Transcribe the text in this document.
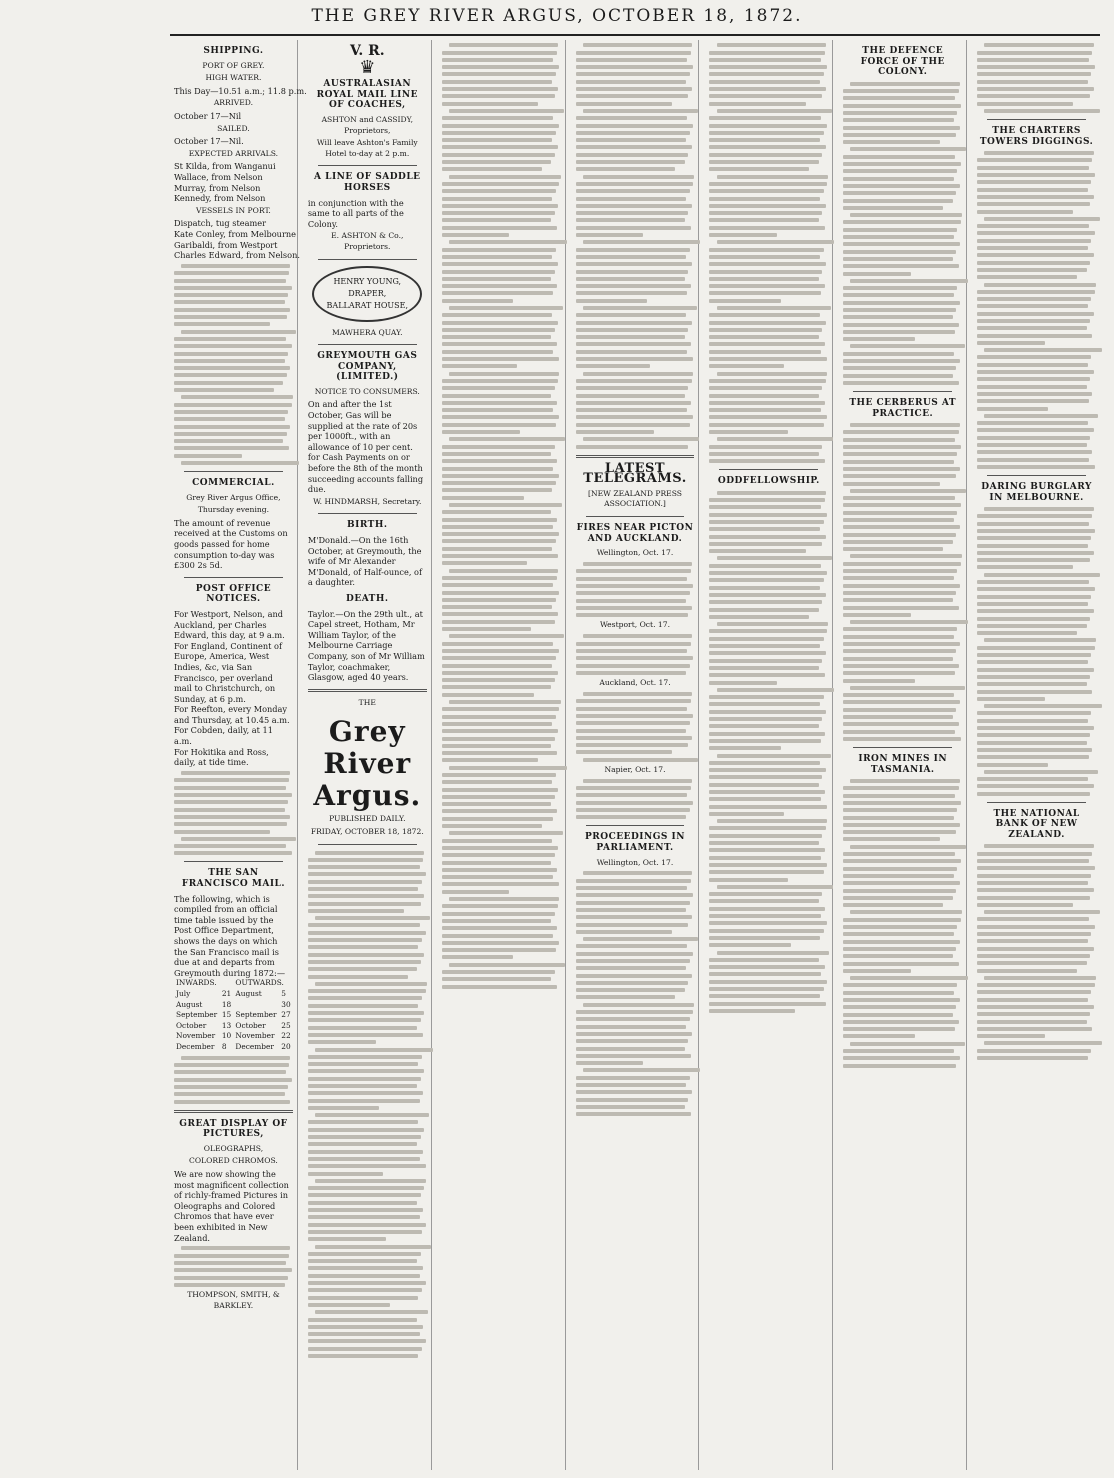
THE GREY RIVER ARGUS, OCTOBER 18, 1872.
SHIPPING.
PORT OF GREY.
HIGH WATER.
This Day—10.51 a.m.; 11.8 p.m.
ARRIVED.
October 17—Nil
SAILED.
October 17—Nil.
EXPECTED ARRIVALS.
St Kilda, from Wanganui
Wallace, from Nelson
Murray, from Nelson
Kennedy, from Nelson
VESSELS IN PORT.
Dispatch, tug steamer
Kate Conley, from Melbourne
Garibaldi, from Westport
Charles Edward, from Nelson.
COMMERCIAL.
Grey River Argus Office,
Thursday evening.
The amount of revenue received at the Customs on goods passed for home consumption to-day was £300 2s 5d.
POST OFFICE NOTICES.
For Westport, Nelson, and Auckland, per Charles Edward, this day, at 9 a.m.
For England, Continent of Europe, America, West Indies, &c, via San Francisco, per overland mail to Christchurch, on Sunday, at 6 p.m.
For Reefton, every Monday and Thursday, at 10.45 a.m.
For Cobden, daily, at 11 a.m.
For Hokitika and Ross, daily, at tide time.
THE SAN FRANCISCO MAIL.
The following, which is compiled from an official time table issued by the Post Office Department, shows the days on which the San Francisco mail is due at and departs from Greymouth during 1872:—
INWARDS.		OUTWARDS.	
July	21	August	5
August	18		30
September	15	September	27
October	13	October	25
November	10	November	22
December	8	December	20
GREAT DISPLAY OF PICTURES,
OLEOGRAPHS,
COLORED CHROMOS.
We are now showing the most magnificent collection of richly-framed Pictures in Oleographs and Colored Chromos that have ever been exhibited in New Zealand.
THOMPSON, SMITH, & BARKLEY.
V. R.
♛
AUSTRALASIAN ROYAL MAIL LINE OF COACHES,
ASHTON and CASSIDY, Proprietors,
Will leave Ashton's Family Hotel to-day at 2 p.m.
A LINE OF SADDLE HORSES
in conjunction with the same to all parts of the Colony.
E. ASHTON & Co., Proprietors.
HENRY YOUNG,
DRAPER,
BALLARAT HOUSE,
MAWHERA QUAY.
GREYMOUTH GAS COMPANY, (LIMITED.)
NOTICE TO CONSUMERS.
On and after the 1st October, Gas will be supplied at the rate of 20s per 1000ft., with an allowance of 10 per cent. for Cash Payments on or before the 8th of the month succeeding accounts falling due.
W. HINDMARSH, Secretary.
BIRTH.
M'Donald.—On the 16th October, at Greymouth, the wife of Mr Alexander M'Donald, of Half-ounce, of a daughter.
DEATH.
Taylor.—On the 29th ult., at Capel street, Hotham, Mr William Taylor, of the Melbourne Carriage Company, son of Mr William Taylor, coachmaker, Glasgow, aged 40 years.
THE
Grey River Argus.
PUBLISHED DAILY.
FRIDAY, OCTOBER 18, 1872.
LATEST TELEGRAMS.
[NEW ZEALAND PRESS ASSOCIATION.]
FIRES NEAR PICTON AND AUCKLAND.
Wellington, Oct. 17.
Westport, Oct. 17.
Auckland, Oct. 17.
Napier, Oct. 17.
PROCEEDINGS IN PARLIAMENT.
Wellington, Oct. 17.
ODDFELLOWSHIP.
THE DEFENCE FORCE OF THE COLONY.
THE CERBERUS AT PRACTICE.
IRON MINES IN TASMANIA.
THE CHARTERS TOWERS DIGGINGS.
DARING BURGLARY IN MELBOURNE.
THE NATIONAL BANK OF NEW ZEALAND.
